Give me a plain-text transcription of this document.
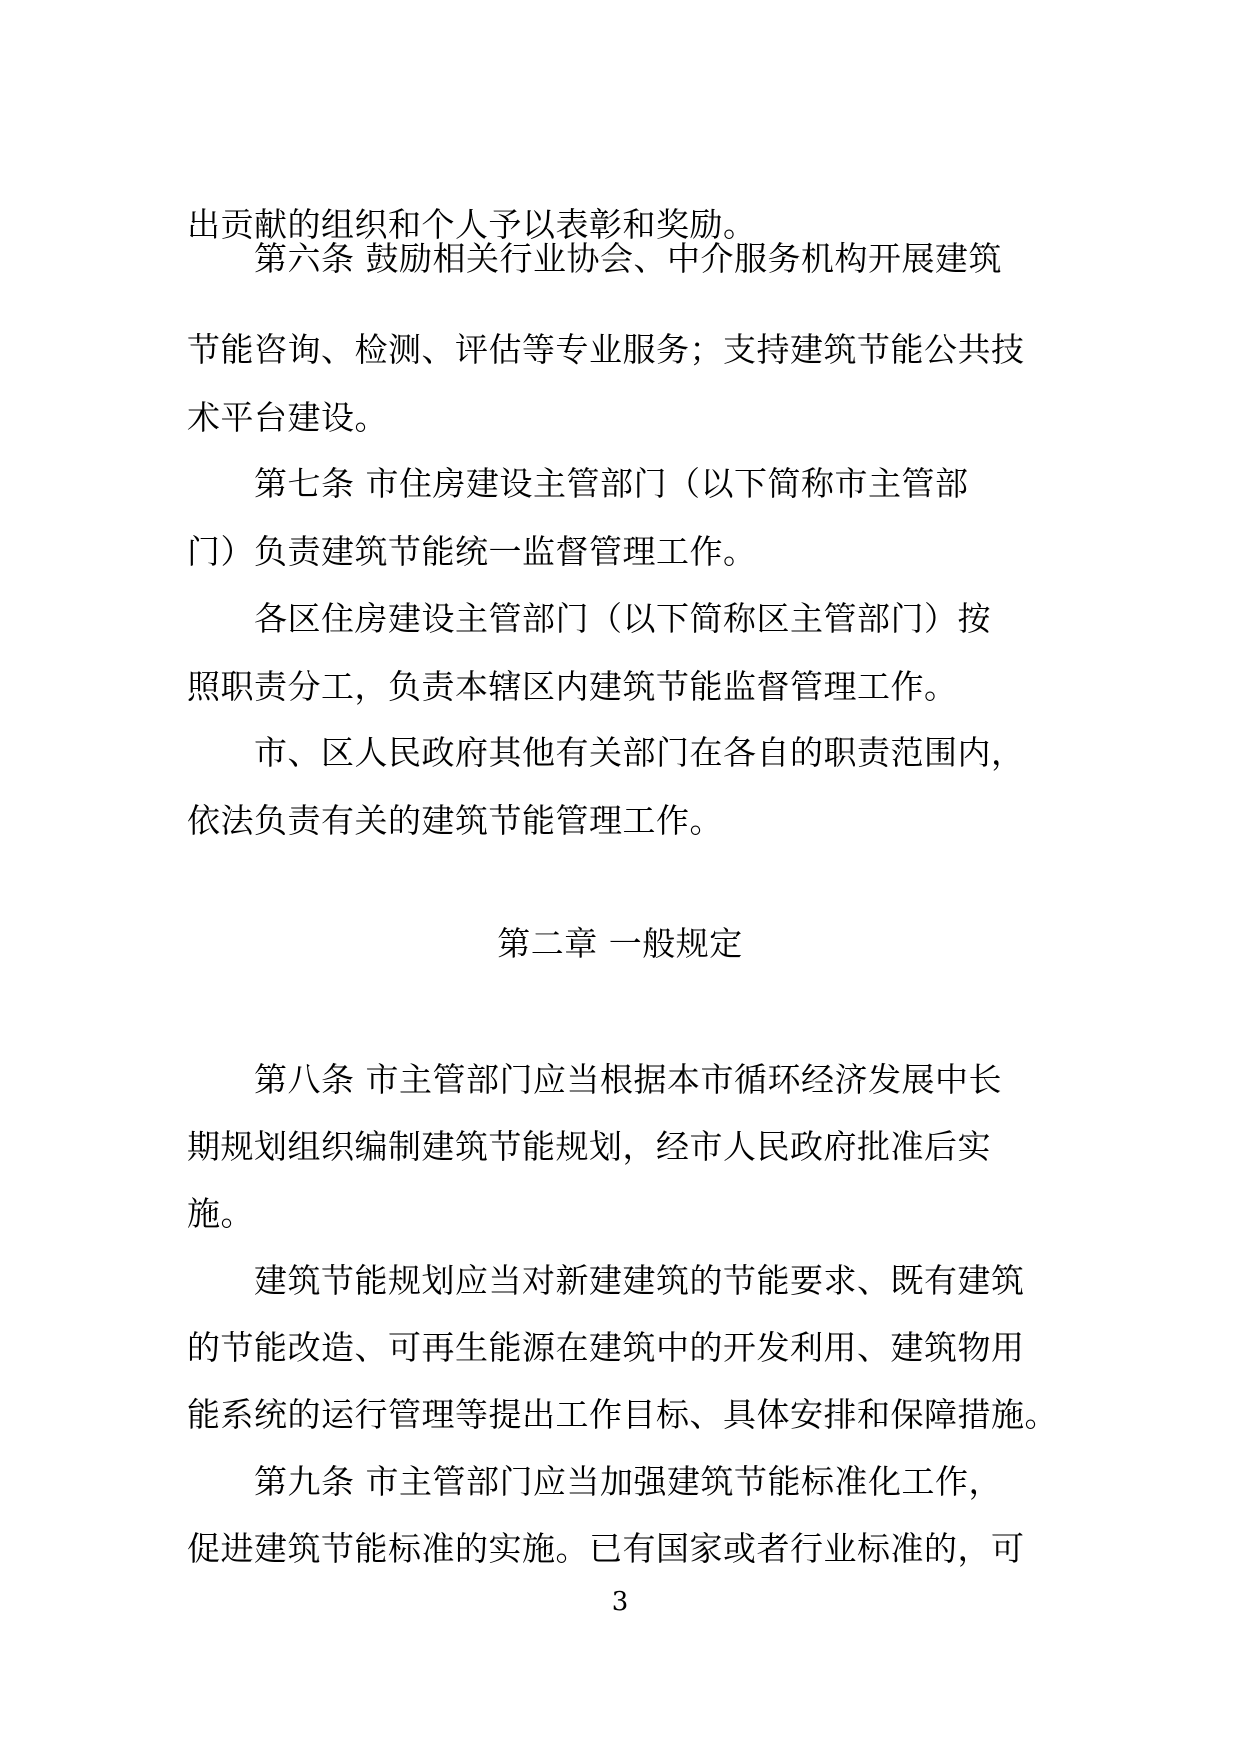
出贡献的组织和个人予以表彰和奖励。
第六条 鼓励相关行业协会、中介服务机构开展建筑
节能咨询、检测、评估等专业服务；支持建筑节能公共技
术平台建设。
第七条 市住房建设主管部门（以下简称市主管部
门）负责建筑节能统一监督管理工作。
各区住房建设主管部门（以下简称区主管部门）按
照职责分工，负责本辖区内建筑节能监督管理工作。
市、区人民政府其他有关部门在各自的职责范围内，
依法负责有关的建筑节能管理工作。
第二章 一般规定
第八条 市主管部门应当根据本市循环经济发展中长
期规划组织编制建筑节能规划，经市人民政府批准后实
施。
建筑节能规划应当对新建建筑的节能要求、既有建筑
的节能改造、可再生能源在建筑中的开发利用、建筑物用
能系统的运行管理等提出工作目标、具体安排和保障措施。
第九条 市主管部门应当加强建筑节能标准化工作，
促进建筑节能标准的实施。已有国家或者行业标准的，可
3
